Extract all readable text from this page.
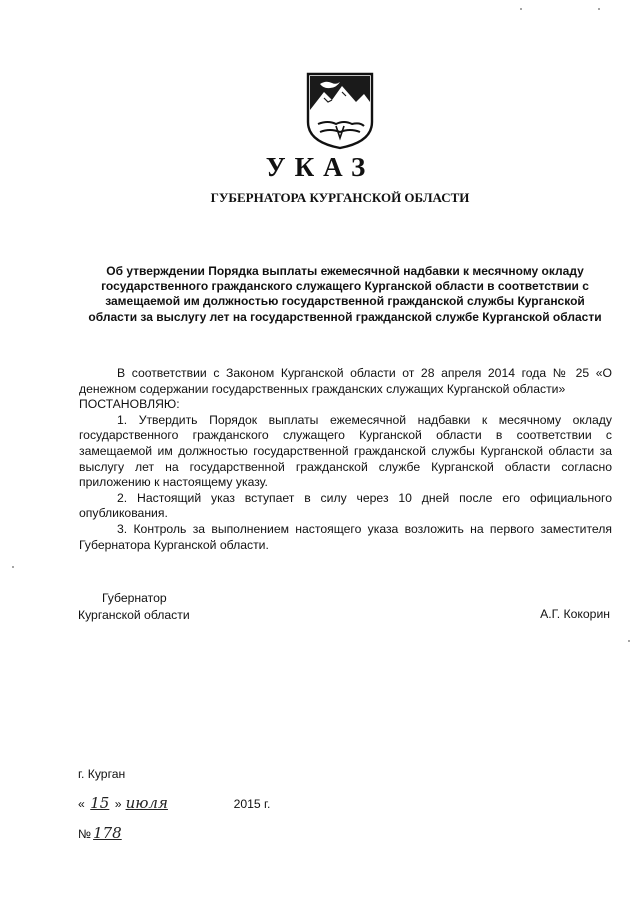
УКАЗ
ГУБЕРНАТОРА КУРГАНСКОЙ ОБЛАСТИ
Об утверждении Порядка выплаты ежемесячной надбавки к месячному окладу государственного гражданского служащего Курганской области в соответствии с замещаемой им должностью государственной гражданской службы Курганской области за выслугу лет на государственной гражданской службе Курганской области

В соответствии с Законом Курганской области от 28 апреля 2014 года № 25 «О денежном содержании государственных гражданских служащих Курганской области»

ПОСТАНОВЛЯЮ:

1. Утвердить Порядок выплаты ежемесячной надбавки к месячному окладу государственного гражданского служащего Курганской области в соответствии с замещаемой им должностью государственной гражданской службы Курганской области за выслугу лет на государственной гражданской службе Курганской области согласно приложению к настоящему указу.

2. Настоящий указ вступает в силу через 10 дней после его официального опубликования.

3. Контроль за выполнением настоящего указа возложить на первого заместителя Губернатора Курганской области.

Губернатор
Курганской области	А.Г. Кокорин
г. Курган
« 15 » июля	2015 г.
№ 178
